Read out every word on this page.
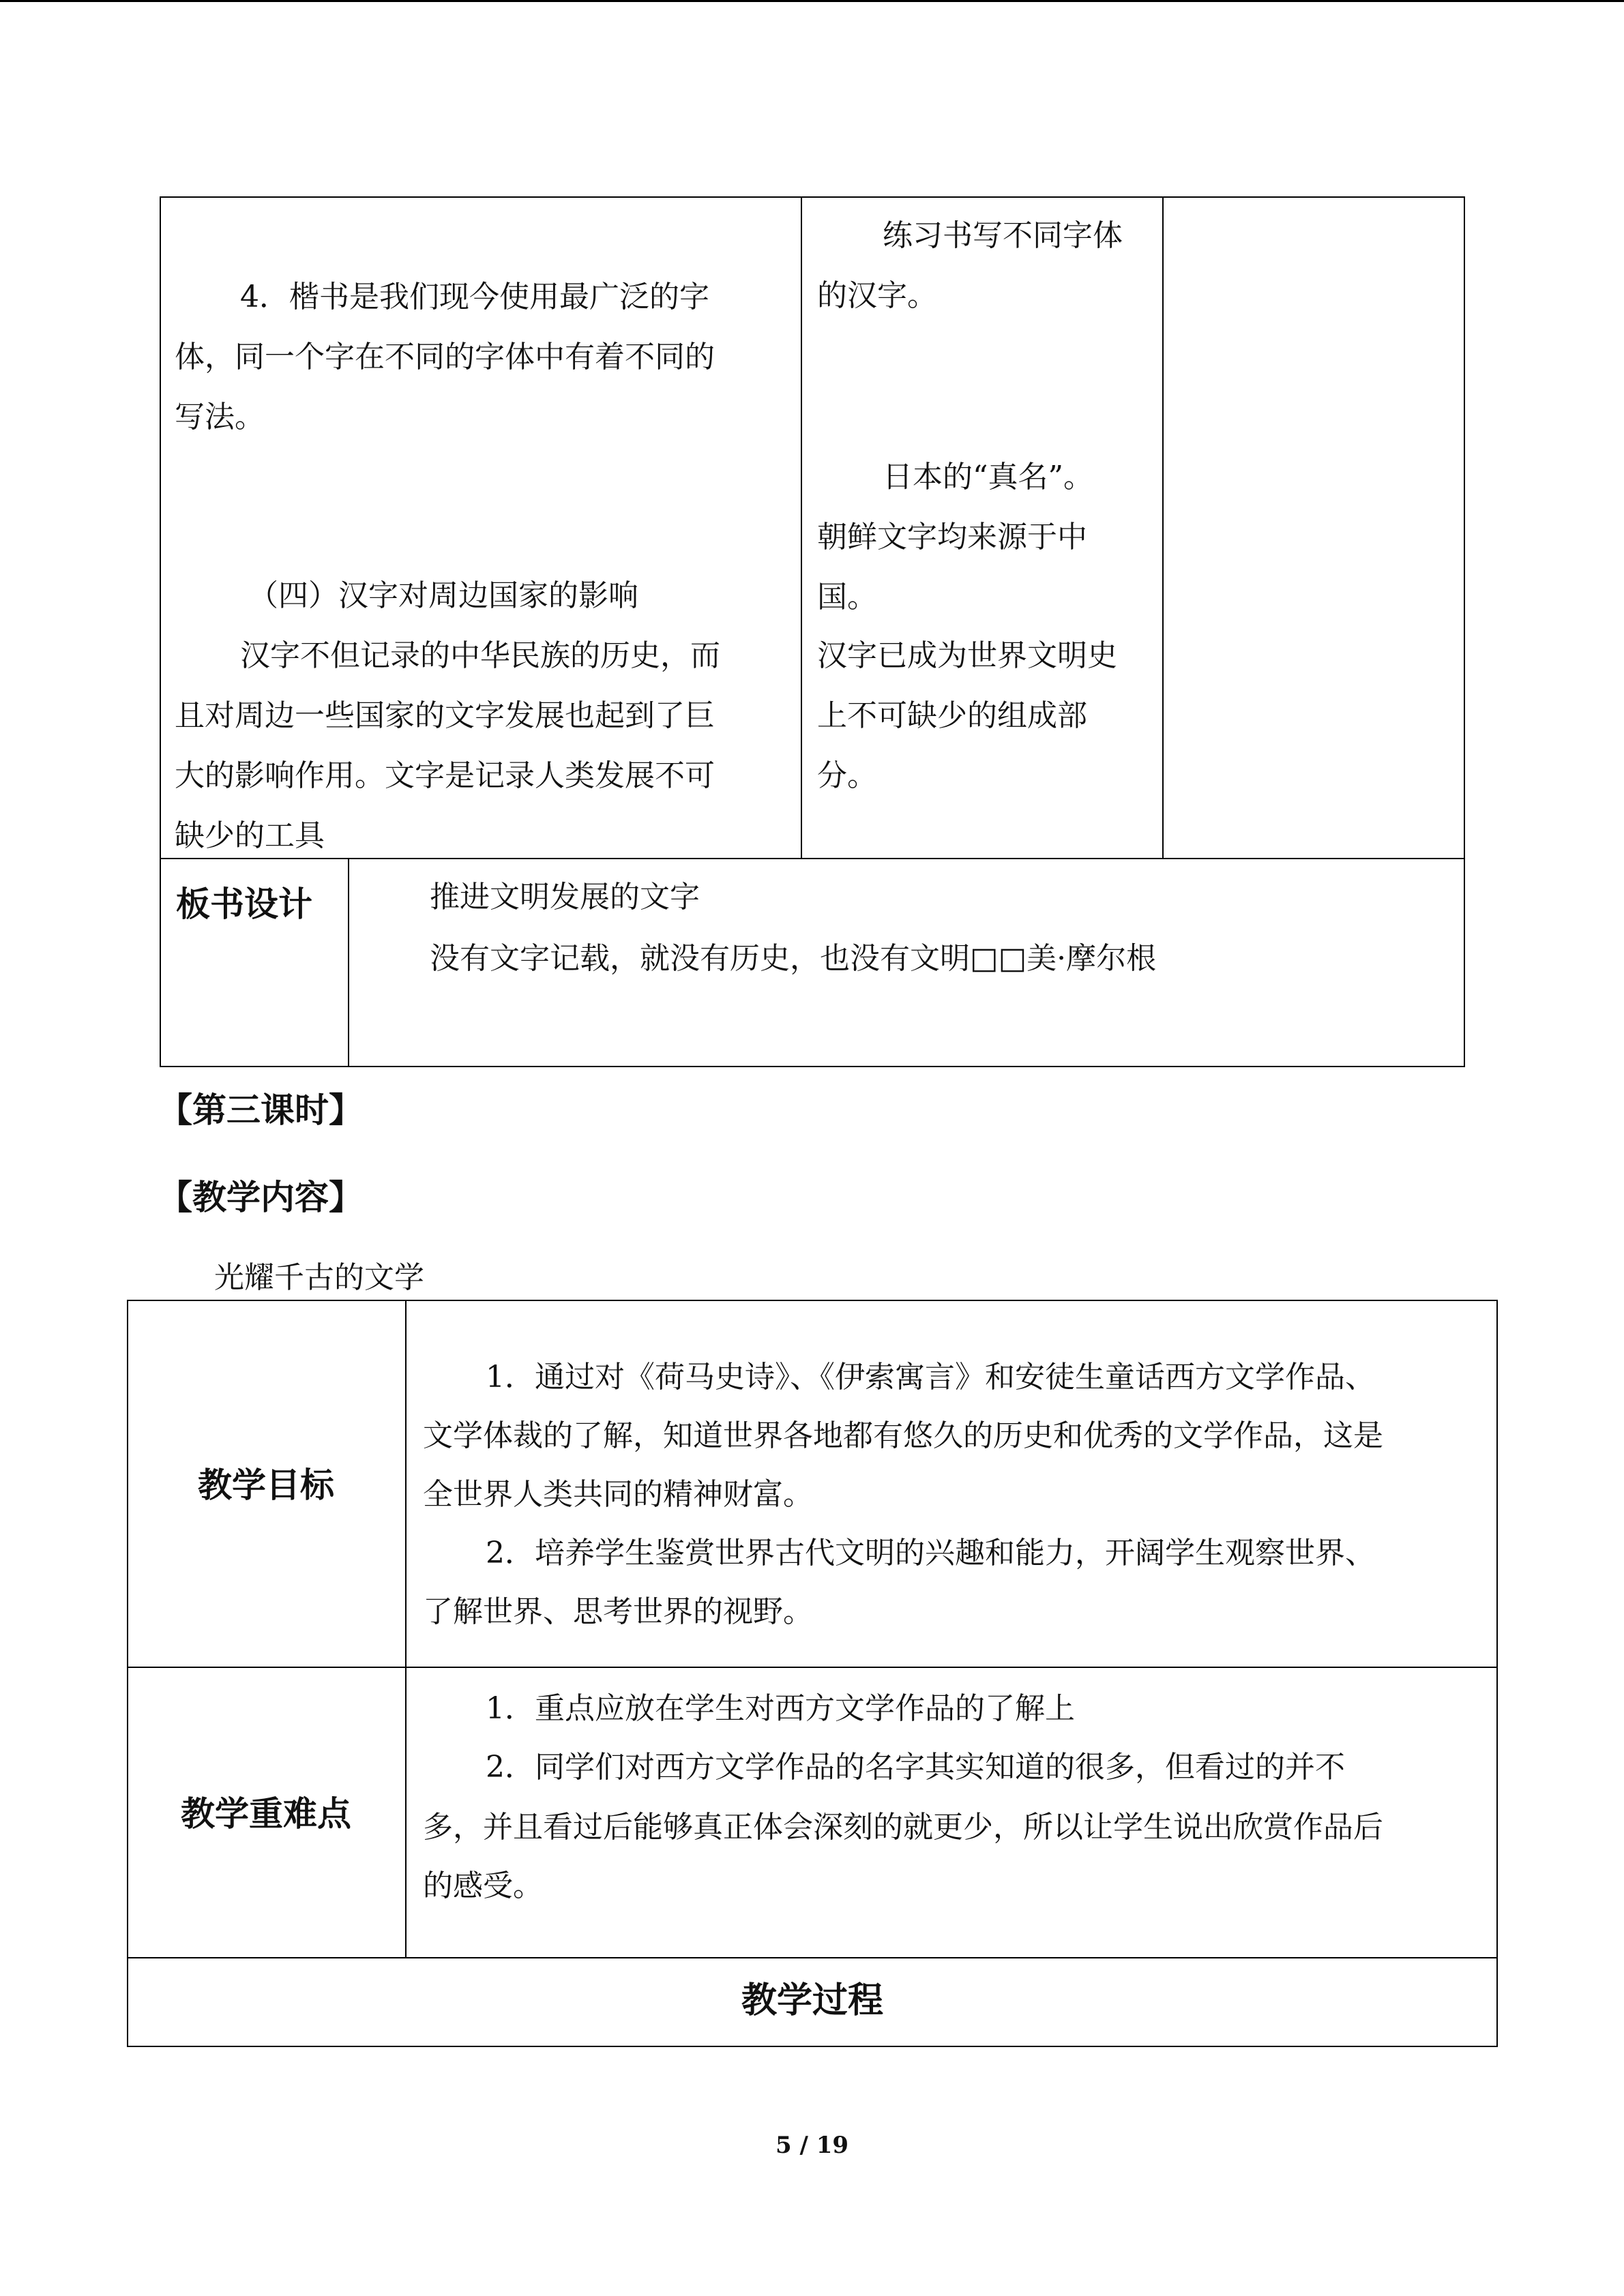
4．楷书是我们现今使用最广泛的字

体，同一个字在不同的字体中有着不同的

写法。

（四）汉字对周边国家的影响

汉字不但记录的中华民族的历史，而

且对周边一些国家的文字发展也起到了巨

大的影响作用。文字是记录人类发展不可

缺少的工具

练习书写不同字体

的汉字。

日本的“真名”。

朝鲜文字均来源于中

国。

汉字已成为世界文明史

上不可缺少的组成部

分。

板书设计	推进文明发展的文字

没有文字记载，就没有历史，也没有文明□□美·摩尔根

【第三课时】
【教学内容】

光耀千古的文学

教学目标

1．通过对《荷马史诗》、《伊索寓言》和安徒生童话西方文学作品、

文学体裁的了解，知道世界各地都有悠久的历史和优秀的文学作品，这是

全世界人类共同的精神财富。

2．培养学生鉴赏世界古代文明的兴趣和能力，开阔学生观察世界、

了解世界、思考世界的视野。

教学重难点

1．重点应放在学生对西方文学作品的了解上

2．同学们对西方文学作品的名字其实知道的很多，但看过的并不

多，并且看过后能够真正体会深刻的就更少，所以让学生说出欣赏作品后

的感受。

教学过程

5 / 19
